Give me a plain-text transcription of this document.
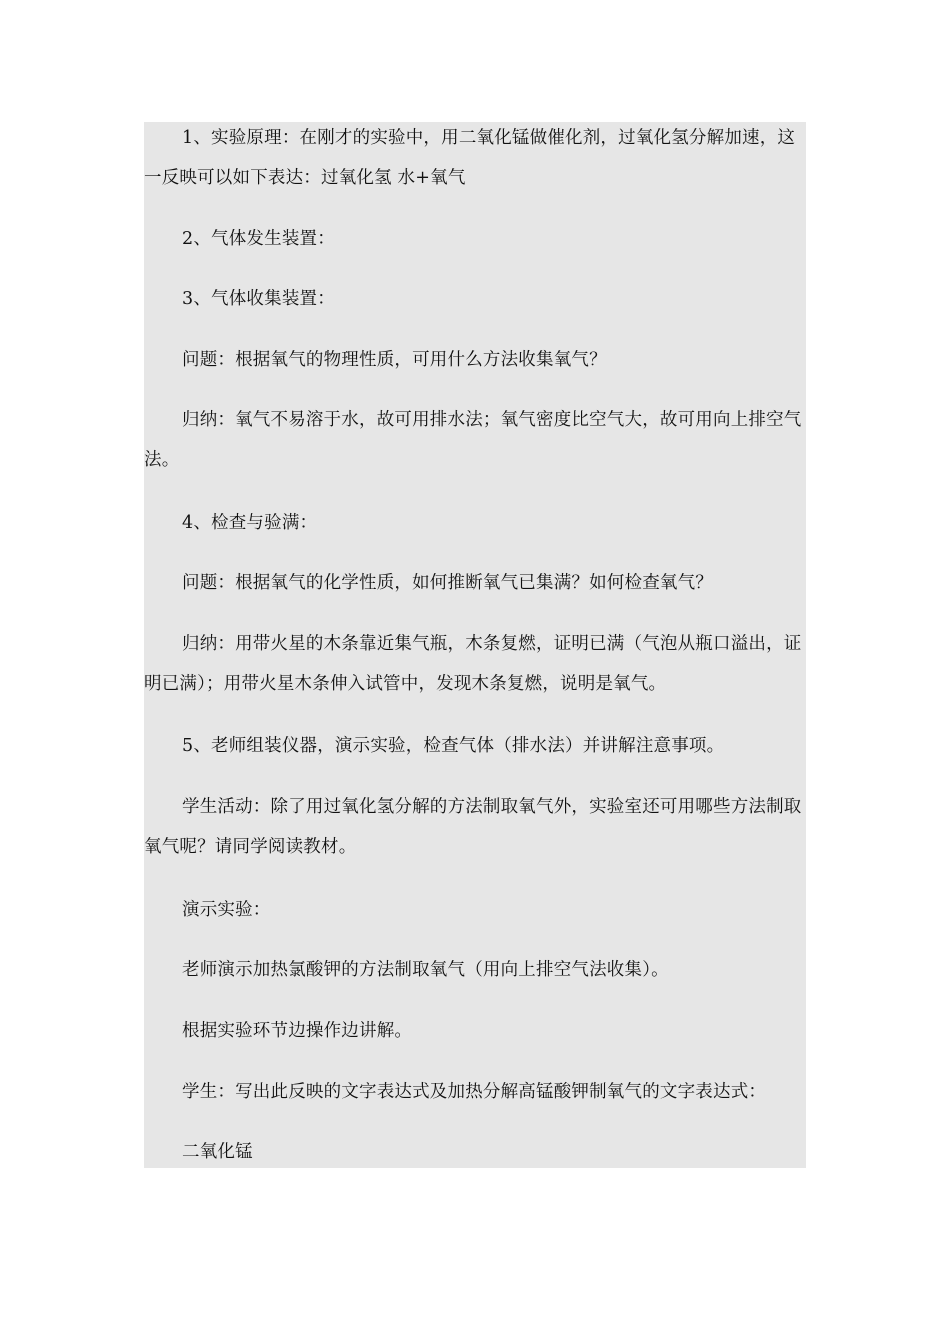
1、实验原理：在刚才的实验中，用二氧化锰做催化剂，过氧化氢分解加速，这一反映可以如下表达：过氧化氢 水+氧气

2、气体发生装置：

3、气体收集装置：

问题：根据氧气的物理性质，可用什么方法收集氧气？

归纳：氧气不易溶于水，故可用排水法；氧气密度比空气大，故可用向上排空气法。

4、检查与验满：

问题：根据氧气的化学性质，如何推断氧气已集满？如何检查氧气？

归纳：用带火星的木条靠近集气瓶，木条复燃，证明已满（气泡从瓶口溢出，证明已满）；用带火星木条伸入试管中，发现木条复燃，说明是氧气。

5、老师组装仪器，演示实验，检查气体（排水法）并讲解注意事项。

学生活动：除了用过氧化氢分解的方法制取氧气外，实验室还可用哪些方法制取氧气呢？请同学阅读教材。

演示实验：

老师演示加热氯酸钾的方法制取氧气（用向上排空气法收集）。

根据实验环节边操作边讲解。

学生：写出此反映的文字表达式及加热分解高锰酸钾制氧气的文字表达式：

二氧化锰
